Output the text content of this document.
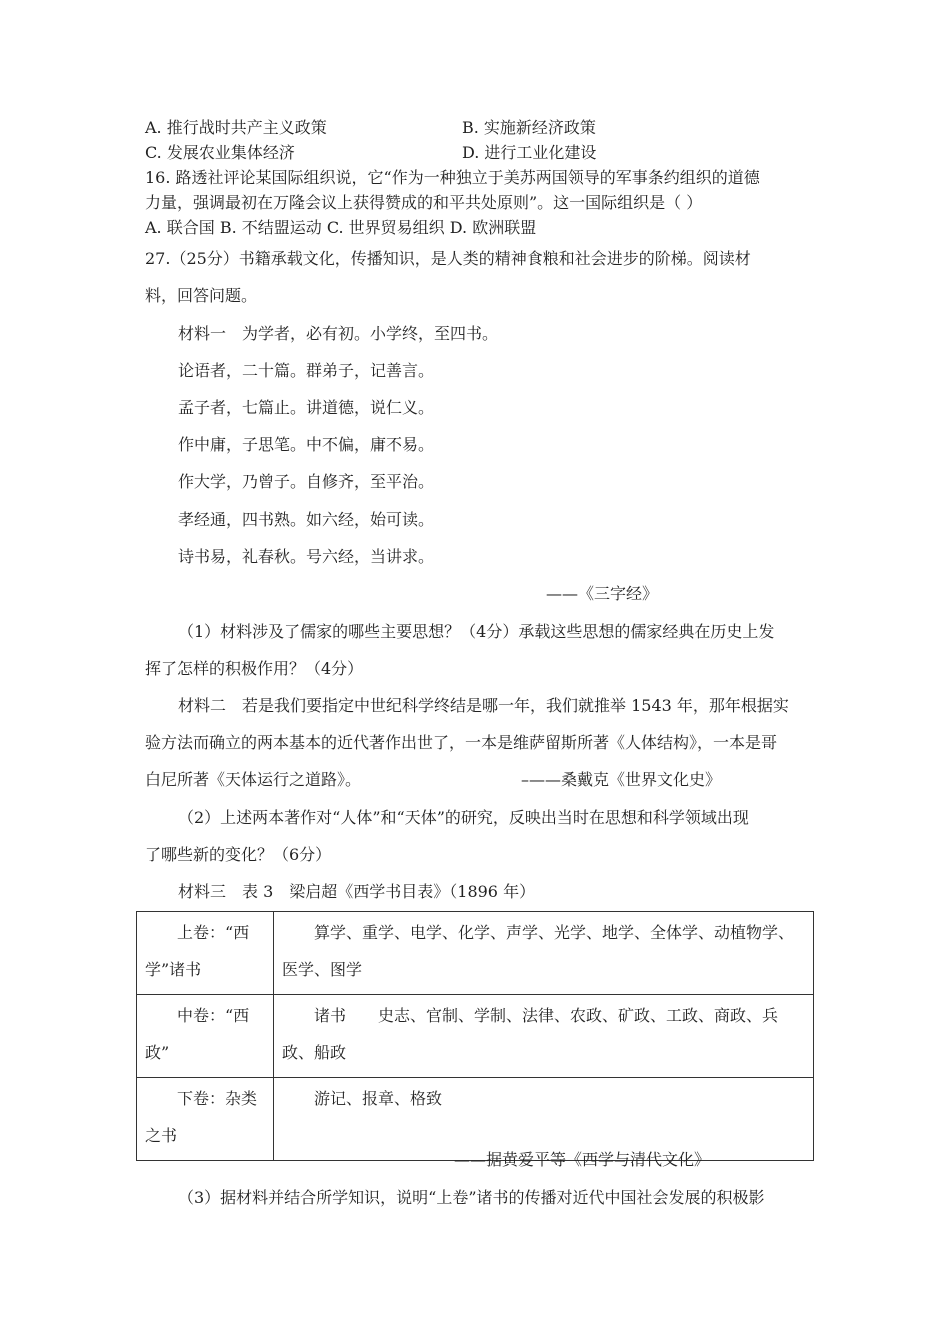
A. 推行战时共产主义政策	B. 实施新经济政策
C. 发展农业集体经济	D. 进行工业化建设
16. 路透社评论某国际组织说，它“作为一种独立于美苏两国领导的军事条约组织的道德
力量，强调最初在万隆会议上获得赞成的和平共处原则”。这一国际组织是（ ）
A. 联合国 B. 不结盟运动 C. 世界贸易组织 D. 欧洲联盟
27.（25分）书籍承载文化，传播知识，是人类的精神食粮和社会进步的阶梯。阅读材
料，回答问题。
材料一　为学者，必有初。小学终，至四书。
论语者，二十篇。群弟子，记善言。
孟子者，七篇止。讲道德，说仁义。
作中庸，子思笔。中不偏，庸不易。
作大学，乃曾子。自修齐，至平治。
孝经通，四书熟。如六经，始可读。
诗书易，礼春秋。号六经，当讲求。
——《三字经》
（1）材料涉及了儒家的哪些主要思想？（4分）承载这些思想的儒家经典在历史上发
挥了怎样的积极作用？（4分）
材料二　若是我们要指定中世纪科学终结是哪一年，我们就推举 1543 年，那年根据实
验方法而确立的两本基本的近代著作出世了，一本是维萨留斯所著《人体结构》，一本是哥
白尼所著《天体运行之道路》。	–——桑戴克《世界文化史》
（2）上述两本著作对“人体”和“天体”的研究，反映出当时在思想和科学领域出现
了哪些新的变化？（6分）
材料三　表 3　梁启超《西学书目表》（1896 年）
上卷：“西学”诸书	算学、重学、电学、化学、声学、光学、地学、全体学、动植物学、医学、图学

中卷：“西政”	诸书　　史志、官制、学制、法律、农政、矿政、工政、商政、兵政、船政

下卷：杂类之书	游记、报章、格致
——据黄爱平等《西学与清代文化》
（3）据材料并结合所学知识，说明“上卷”诸书的传播对近代中国社会发展的积极影
